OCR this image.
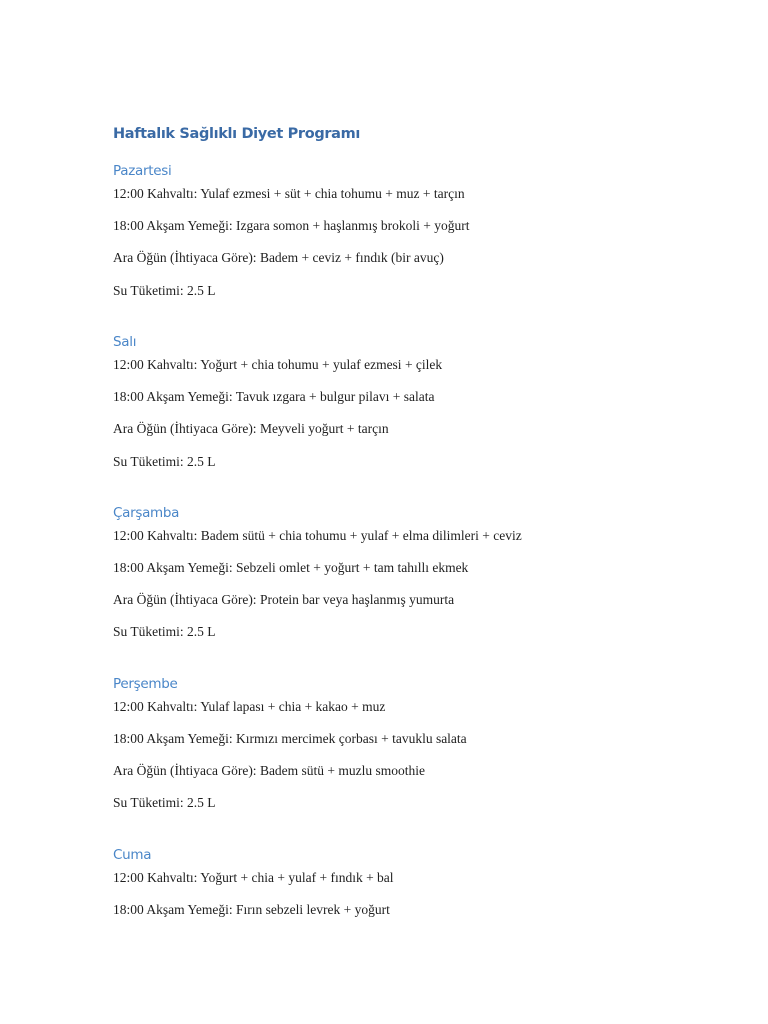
Haftalık Sağlıklı Diyet Programı
Pazartesi

12:00 Kahvaltı: Yulaf ezmesi + süt + chia tohumu + muz + tarçın

18:00 Akşam Yemeği: Izgara somon + haşlanmış brokoli + yoğurt

Ara Öğün (İhtiyaca Göre): Badem + ceviz + fındık (bir avuç)

Su Tüketimi: 2.5 L

Salı

12:00 Kahvaltı: Yoğurt + chia tohumu + yulaf ezmesi + çilek

18:00 Akşam Yemeği: Tavuk ızgara + bulgur pilavı + salata

Ara Öğün (İhtiyaca Göre): Meyveli yoğurt + tarçın

Su Tüketimi: 2.5 L

Çarşamba

12:00 Kahvaltı: Badem sütü + chia tohumu + yulaf + elma dilimleri + ceviz

18:00 Akşam Yemeği: Sebzeli omlet + yoğurt + tam tahıllı ekmek

Ara Öğün (İhtiyaca Göre): Protein bar veya haşlanmış yumurta

Su Tüketimi: 2.5 L

Perşembe

12:00 Kahvaltı: Yulaf lapası + chia + kakao + muz

18:00 Akşam Yemeği: Kırmızı mercimek çorbası + tavuklu salata

Ara Öğün (İhtiyaca Göre): Badem sütü + muzlu smoothie

Su Tüketimi: 2.5 L

Cuma

12:00 Kahvaltı: Yoğurt + chia + yulaf + fındık + bal

18:00 Akşam Yemeği: Fırın sebzeli levrek + yoğurt
